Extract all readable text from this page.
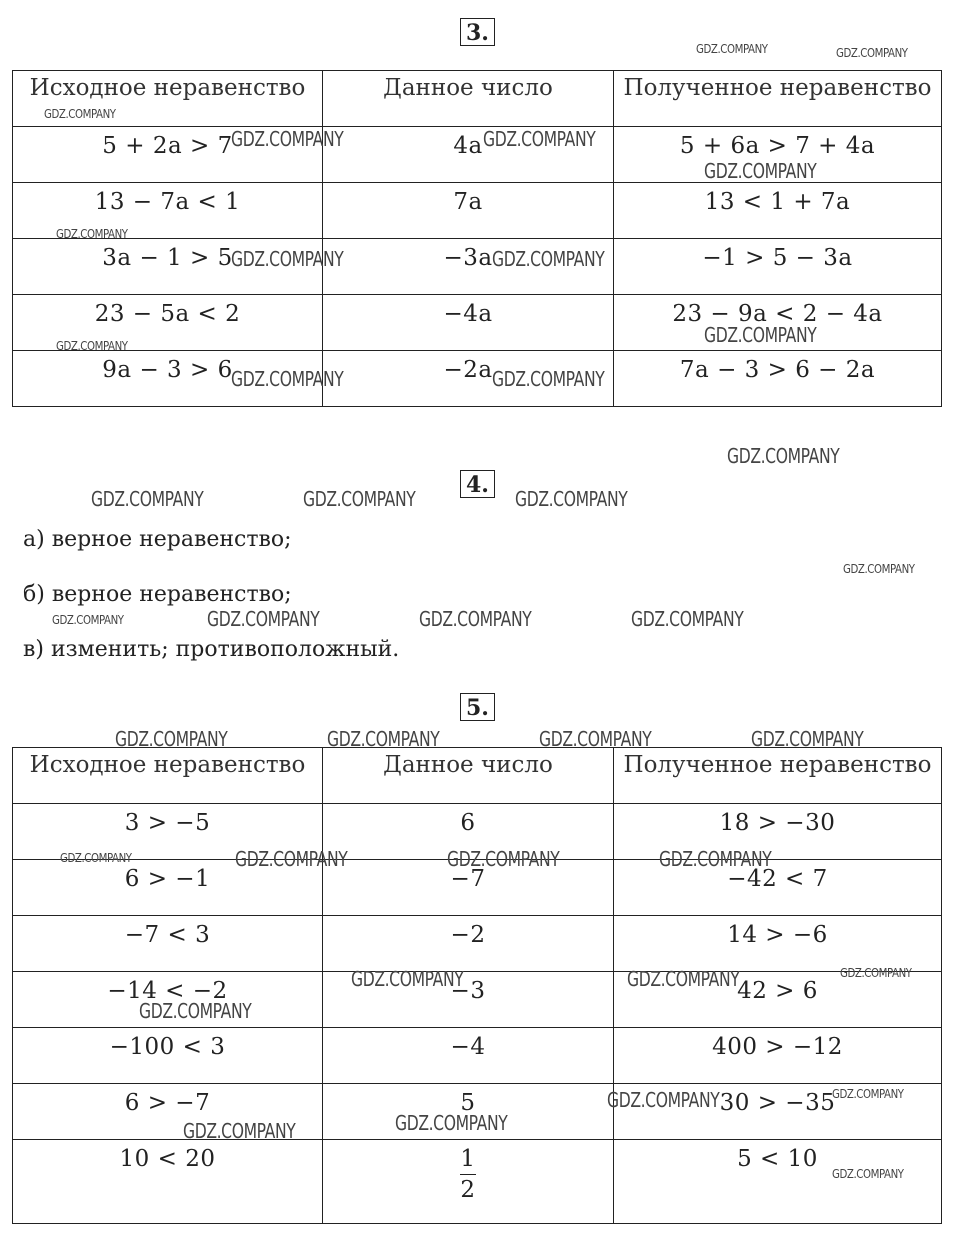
3.
Исходное неравенство	Данное число	Полученное неравенство
5 + 2a > 7	4a	5 + 6a > 7 + 4a
13 − 7a < 1	7a	13 < 1 + 7a
3a − 1 > 5	−3a	−1 > 5 − 3a
23 − 5a < 2	−4a	23 − 9a < 2 − 4a
9a − 3 > 6	−2a	7a − 3 > 6 − 2a
4.
а) верное неравенство;
б) верное неравенство;
в) изменить; противоположный.
5.
Исходное неравенство	Данное число	Полученное неравенство
3 > −5	6	18 > −30
6 > −1	−7	−42 < 7
−7 < 3	−2	14 > −6
−14 < −2	−3	42 > 6
−100 < 3	−4	400 > −12
6 > −7	5	30 > −35
10 < 20	$\frac{1}{2}$	5 < 10
GDZ.COMPANY	GDZ.COMPANY
GDZ.COMPANY
GDZ.COMPANY	GDZ.COMPANY
GDZ.COMPANY
GDZ.COMPANY
GDZ.COMPANY	GDZ.COMPANY
GDZ.COMPANY
GDZ.COMPANY
GDZ.COMPANY	GDZ.COMPANY
GDZ.COMPANY
GDZ.COMPANY	GDZ.COMPANY	GDZ.COMPANY
GDZ.COMPANY
GDZ.COMPANY	GDZ.COMPANY	GDZ.COMPANY	GDZ.COMPANY
GDZ.COMPANY	GDZ.COMPANY	GDZ.COMPANY	GDZ.COMPANY
GDZ.COMPANY	GDZ.COMPANY	GDZ.COMPANY	GDZ.COMPANY
GDZ.COMPANY	GDZ.COMPANY	GDZ.COMPANY
GDZ.COMPANY
GDZ.COMPANY	GDZ.COMPANY
GDZ.COMPANY
GDZ.COMPANY
GDZ.COMPANY
